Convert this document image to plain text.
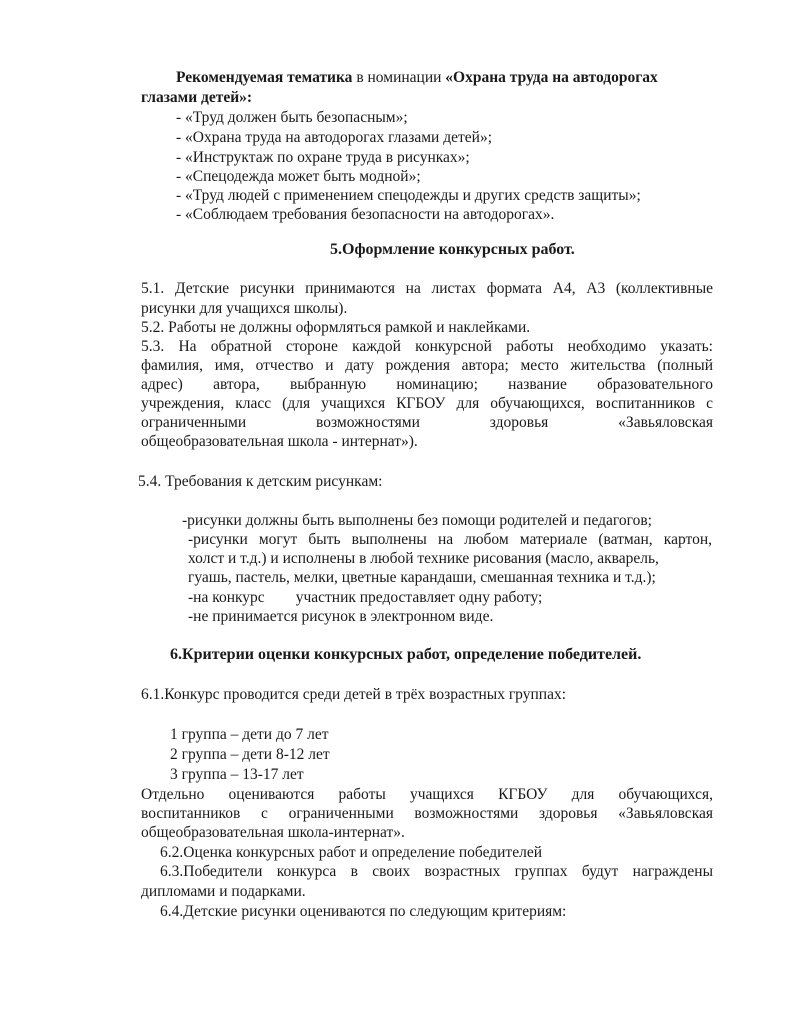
Рекомендуемая тематика в номинации «Охрана труда на автодорогах
глазами детей»:
- «Труд должен быть безопасным»;
- «Охрана труда на автодорогах глазами детей»;
- «Инструктаж по охране труда в рисунках»;
- «Спецодежда может быть модной»;
- «Труд людей с применением спецодежды и других средств защиты»;
- «Соблюдаем требования безопасности на автодорогах».
5.Оформление конкурсных работ.
5.1. Детские рисунки принимаются на листах формата А4, А3 (коллективные
рисунки для учащихся школы).
5.2. Работы не должны оформляться рамкой и наклейками.
5.3. На обратной стороне каждой конкурсной работы необходимо указать:
фамилия, имя, отчество и дату рождения автора; место жительства (полный
адрес) автора, выбранную номинацию; название образовательного
учреждения, класс (для учащихся КГБОУ для обучающихся, воспитанников с
ограниченными возможностями здоровья «Завьяловская
общеобразовательная школа - интернат»).
5.4. Требования к детским рисункам:
-рисунки должны быть выполнены без помощи родителей и педагогов;
-рисунки могут быть выполнены на любом материале (ватман, картон,
холст и т.д.) и исполнены в любой технике рисования (масло, акварель,
гуашь, пастель, мелки, цветные карандаши, смешанная техника и т.д.);
-на конкурс        участник предоставляет одну работу;
-не принимается рисунок в электронном виде.
6.Критерии оценки конкурсных работ, определение победителей.
6.1.Конкурс проводится среди детей в трёх возрастных группах:
1 группа – дети до 7 лет
2 группа – дети 8-12 лет
3 группа – 13-17 лет
Отдельно оцениваются работы учащихся КГБОУ для обучающихся,
воспитанников с ограниченными возможностями здоровья «Завьяловская
общеобразовательная школа-интернат».
6.2.Оценка конкурсных работ и определение победителей
6.3.Победители конкурса в своих возрастных группах будут награждены
дипломами и подарками.
6.4.Детские рисунки оцениваются по следующим критериям:
